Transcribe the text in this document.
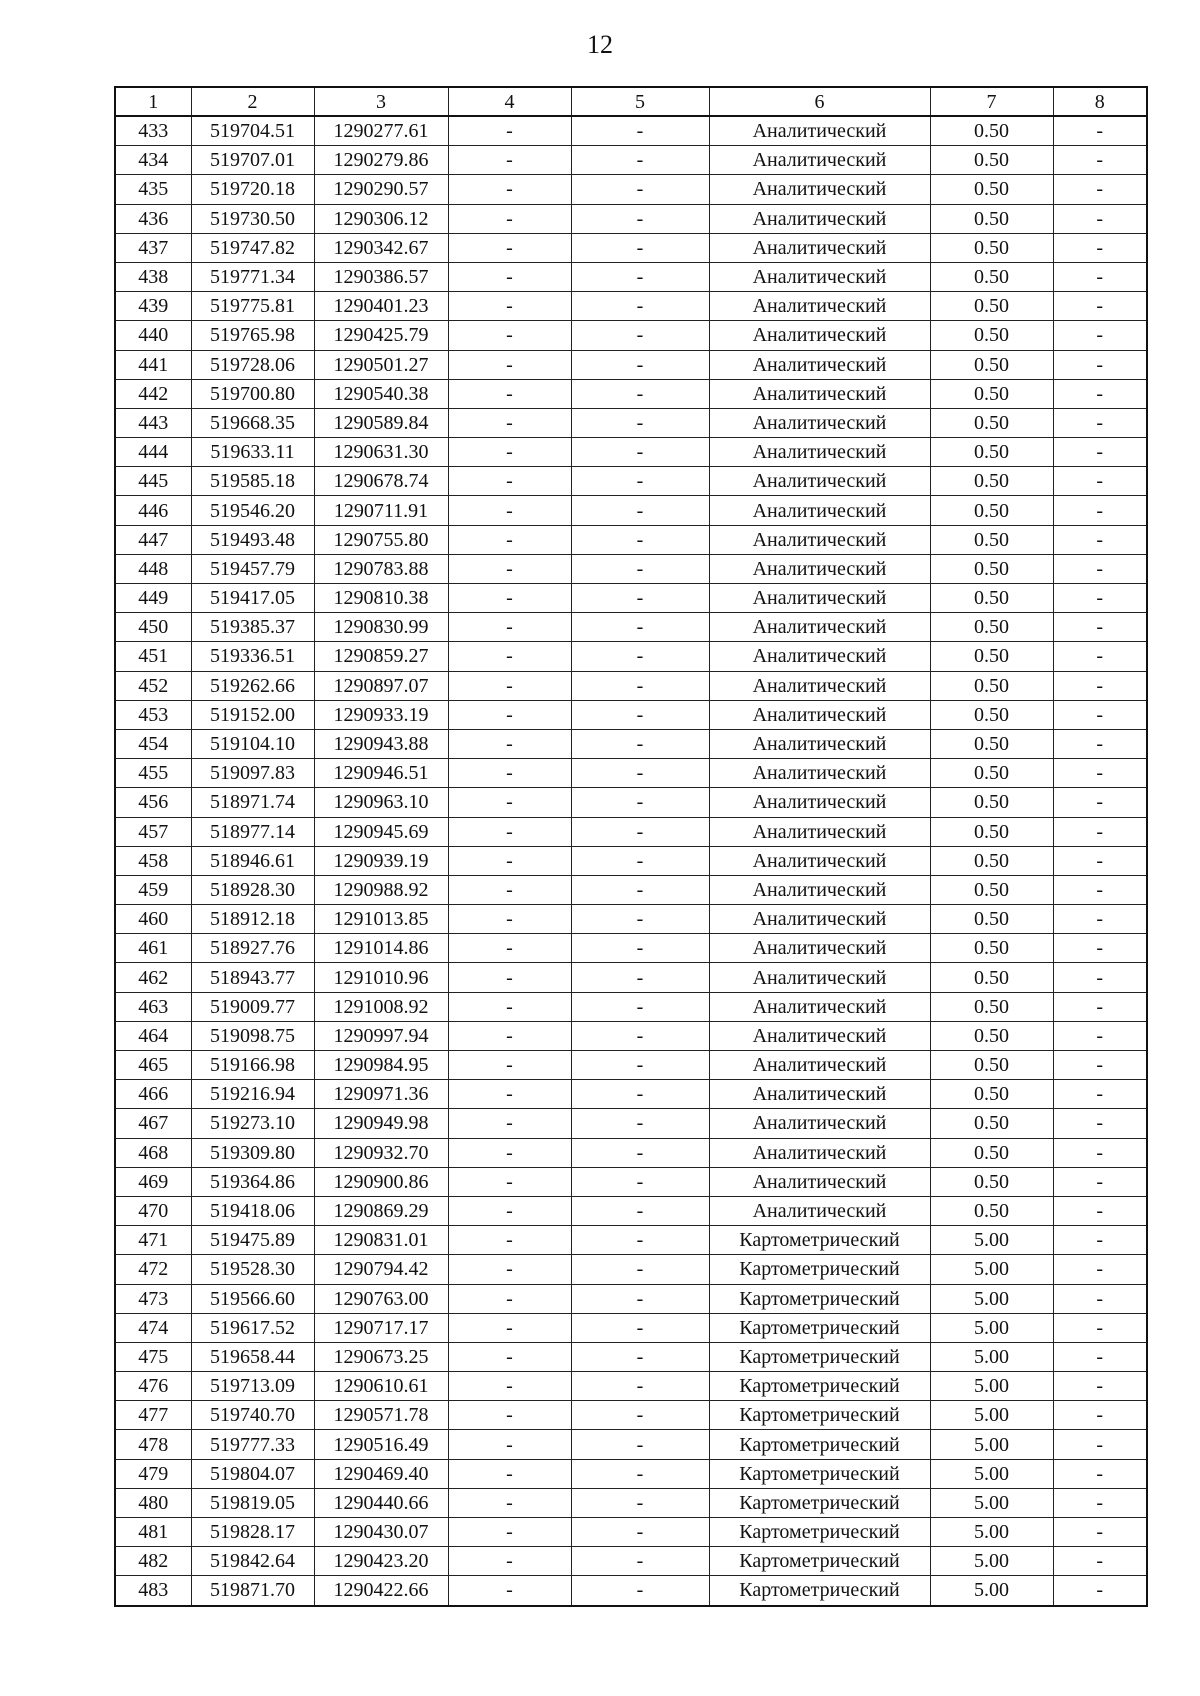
12
1	2	3	4	5	6	7	8
433	519704.51	1290277.61	-	-	Аналитический	0.50	-
434	519707.01	1290279.86	-	-	Аналитический	0.50	-
435	519720.18	1290290.57	-	-	Аналитический	0.50	-
436	519730.50	1290306.12	-	-	Аналитический	0.50	-
437	519747.82	1290342.67	-	-	Аналитический	0.50	-
438	519771.34	1290386.57	-	-	Аналитический	0.50	-
439	519775.81	1290401.23	-	-	Аналитический	0.50	-
440	519765.98	1290425.79	-	-	Аналитический	0.50	-
441	519728.06	1290501.27	-	-	Аналитический	0.50	-
442	519700.80	1290540.38	-	-	Аналитический	0.50	-
443	519668.35	1290589.84	-	-	Аналитический	0.50	-
444	519633.11	1290631.30	-	-	Аналитический	0.50	-
445	519585.18	1290678.74	-	-	Аналитический	0.50	-
446	519546.20	1290711.91	-	-	Аналитический	0.50	-
447	519493.48	1290755.80	-	-	Аналитический	0.50	-
448	519457.79	1290783.88	-	-	Аналитический	0.50	-
449	519417.05	1290810.38	-	-	Аналитический	0.50	-
450	519385.37	1290830.99	-	-	Аналитический	0.50	-
451	519336.51	1290859.27	-	-	Аналитический	0.50	-
452	519262.66	1290897.07	-	-	Аналитический	0.50	-
453	519152.00	1290933.19	-	-	Аналитический	0.50	-
454	519104.10	1290943.88	-	-	Аналитический	0.50	-
455	519097.83	1290946.51	-	-	Аналитический	0.50	-
456	518971.74	1290963.10	-	-	Аналитический	0.50	-
457	518977.14	1290945.69	-	-	Аналитический	0.50	-
458	518946.61	1290939.19	-	-	Аналитический	0.50	-
459	518928.30	1290988.92	-	-	Аналитический	0.50	-
460	518912.18	1291013.85	-	-	Аналитический	0.50	-
461	518927.76	1291014.86	-	-	Аналитический	0.50	-
462	518943.77	1291010.96	-	-	Аналитический	0.50	-
463	519009.77	1291008.92	-	-	Аналитический	0.50	-
464	519098.75	1290997.94	-	-	Аналитический	0.50	-
465	519166.98	1290984.95	-	-	Аналитический	0.50	-
466	519216.94	1290971.36	-	-	Аналитический	0.50	-
467	519273.10	1290949.98	-	-	Аналитический	0.50	-
468	519309.80	1290932.70	-	-	Аналитический	0.50	-
469	519364.86	1290900.86	-	-	Аналитический	0.50	-
470	519418.06	1290869.29	-	-	Аналитический	0.50	-
471	519475.89	1290831.01	-	-	Картометрический	5.00	-
472	519528.30	1290794.42	-	-	Картометрический	5.00	-
473	519566.60	1290763.00	-	-	Картометрический	5.00	-
474	519617.52	1290717.17	-	-	Картометрический	5.00	-
475	519658.44	1290673.25	-	-	Картометрический	5.00	-
476	519713.09	1290610.61	-	-	Картометрический	5.00	-
477	519740.70	1290571.78	-	-	Картометрический	5.00	-
478	519777.33	1290516.49	-	-	Картометрический	5.00	-
479	519804.07	1290469.40	-	-	Картометрический	5.00	-
480	519819.05	1290440.66	-	-	Картометрический	5.00	-
481	519828.17	1290430.07	-	-	Картометрический	5.00	-
482	519842.64	1290423.20	-	-	Картометрический	5.00	-
483	519871.70	1290422.66	-	-	Картометрический	5.00	-
